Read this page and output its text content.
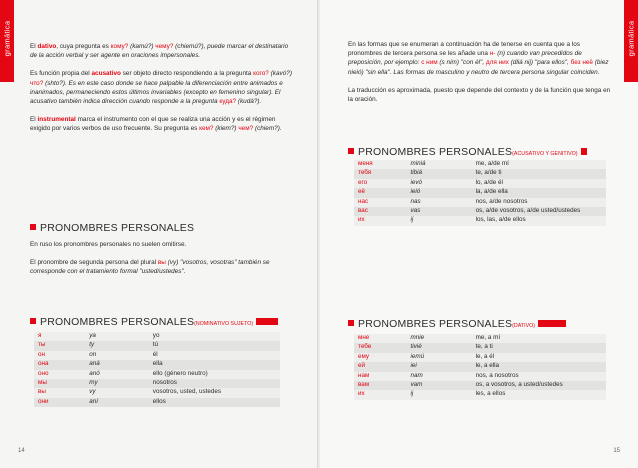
gramática	El dativo, cuya pregunta es кому? (kamú?) чему? (chiemú?), puede marcar el destinatario de la acción verbal y ser agente en oraciones impersonales.

Es función propia del acusativo ser objeto directo respondiendo a la pregunta кого? (kavó?) что? (shto?). Es en este caso donde se hace palpable la diferenciación entre animados e inanimados, permaneciendo estos últimos invariables (excepto en femenino singular). El acusativo también indica dirección cuando responde a la pregunta куда? (kudá?).

El instrumental marca el instrumento con el que se realiza una acción y es el régimen exigido por varios verbos de uso frecuente. Su pregunta es кем? (kiem?) чем? (chiem?).

PRONOMBRES PERSONALES

En ruso los pronombres personales no suelen omitirse.

El pronombre de segunda persona del plural вы (vy) "vosotros, vosotras" también se corresponde con el tratamiento formal "usted/ustedes".

PRONOMBRES PERSONALES(NOMINATIVO SUJETO)
я	ya	yo
ты	ty	tú
он	on	él
она	aná	ella
оно	anó	ello (género neutro)
мы	my	nosotros
вы	vy	vosotros, usted, ustedes
они	aní	ellos
14
gramática

En las formas que se enumeran a continuación ha de tenerse en cuenta que a los pronombres de tercera persona se les añade una н- (n) cuando van precedidos de preposición, por ejemplo: с ним (s nim) "con él", для них (dliá nij) "para ellos", без неё (biez nieió) "sin ella". Las formas de masculino y neutro de tercera persona singular coinciden.

La traducción es aproximada, puesto que depende del contexto y de la función que tenga en la oración.

PRONOMBRES PERSONALES(ACUSATIVO Y GENITIVO)
меня	miniá	me, a/de mí
тебя	tibiá	te, a/de ti
его	ievó	lo, a/de él
её	ieió	la, a/de ella
нас	nas	nos, a/de nosotros
вас	vas	os, a/de vosotros, a/de usted/ustedes
их	ij	los, las, a/de ellos
PRONOMBRES PERSONALES(DATIVO)
мне	mnie	me, a mí
тебе	tivié	te, a ti
ему	iemú	le, a él
ей	iei	le, a ella
нам	nam	nos, a nosotros
вам	vam	os, a vosotros, a usted/ustedes
их	ij	les, a ellos
15
